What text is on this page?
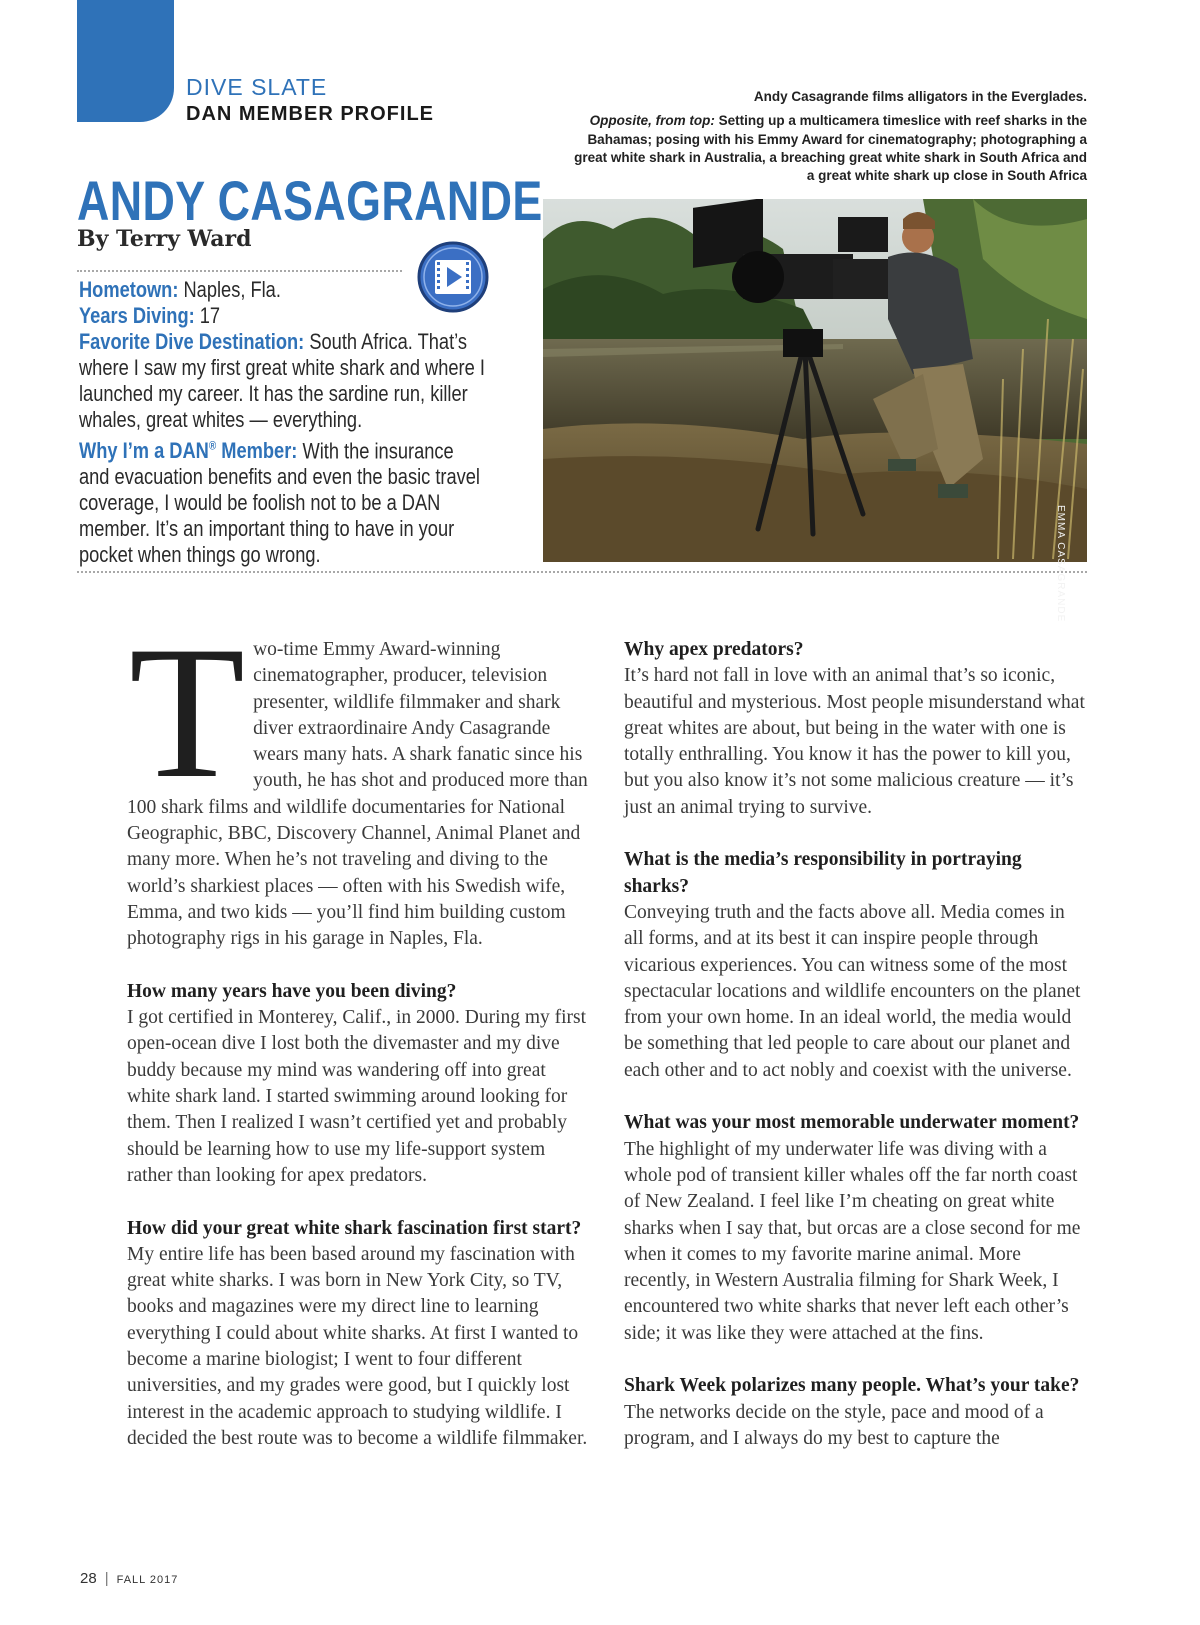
DIVE SLATE
DAN MEMBER PROFILE
ANDY CASAGRANDE
By Terry Ward
Hometown: Naples, Fla.
Years Diving: 17
Favorite Dive Destination: South Africa. That’s where I saw my first great white shark and where I launched my career. It has the sardine run, killer whales, great whites — everything.
Why I’m a DAN® Member: With the insurance and evacuation benefits and even the basic travel coverage, I would be foolish not to be a DAN member. It’s an important thing to have in your pocket when things go wrong.
Andy Casagrande films alligators in the Everglades.
Opposite, from top: Setting up a multicamera timeslice with reef sharks in the Bahamas; posing with his Emmy Award for cinematography; photographing a great white shark in Australia, a breaching great white shark in South Africa and a great white shark up close in South Africa
EMMA CASAGRANDE

Two-time Emmy Award-winning cinematographer, producer, television presenter, wildlife filmmaker and shark diver extraordinaire Andy Casagrande wears many hats. A shark fanatic since his youth, he has shot and produced more than 100 shark films and wildlife documentaries for National Geographic, BBC, Discovery Channel, Animal Planet and many more. When he’s not traveling and diving to the world’s sharkiest places — often with his Swedish wife, Emma, and two kids — you’ll find him building custom photography rigs in his garage in Naples, Fla.

How many years have you been diving?

I got certified in Monterey, Calif., in 2000. During my first open-ocean dive I lost both the divemaster and my dive buddy because my mind was wandering off into great white shark land. I started swimming around looking for them. Then I realized I wasn’t certified yet and probably should be learning how to use my life-support system rather than looking for apex predators.

How did your great white shark fascination first start?

My entire life has been based around my fascination with great white sharks. I was born in New York City, so TV, books and magazines were my direct line to learning everything I could about white sharks. At first I wanted to become a marine biologist; I went to four different universities, and my grades were good, but I quickly lost interest in the academic approach to studying wildlife. I decided the best route was to become a wildlife filmmaker.

Why apex predators?

It’s hard not fall in love with an animal that’s so iconic, beautiful and mysterious. Most people misunderstand what great whites are about, but being in the water with one is totally enthralling. You know it has the power to kill you, but you also know it’s not some malicious creature — it’s just an animal trying to survive.

What is the media’s responsibility in portraying sharks?

Conveying truth and the facts above all. Media comes in all forms, and at its best it can inspire people through vicarious experiences. You can witness some of the most spectacular locations and wildlife encounters on the planet from your own home. In an ideal world, the media would be something that led people to care about our planet and each other and to act nobly and coexist with the universe.

What was your most memorable underwater moment?

The highlight of my underwater life was diving with a whole pod of transient killer whales off the far north coast of New Zealand. I feel like I’m cheating on great white sharks when I say that, but orcas are a close second for me when it comes to my favorite marine animal. More recently, in Western Australia filming for Shark Week, I encountered two white sharks that never left each other’s side; it was like they were attached at the fins.

Shark Week polarizes many people. What’s your take?

The networks decide on the style, pace and mood of a program, and I always do my best to capture the

28 | FALL 2017
